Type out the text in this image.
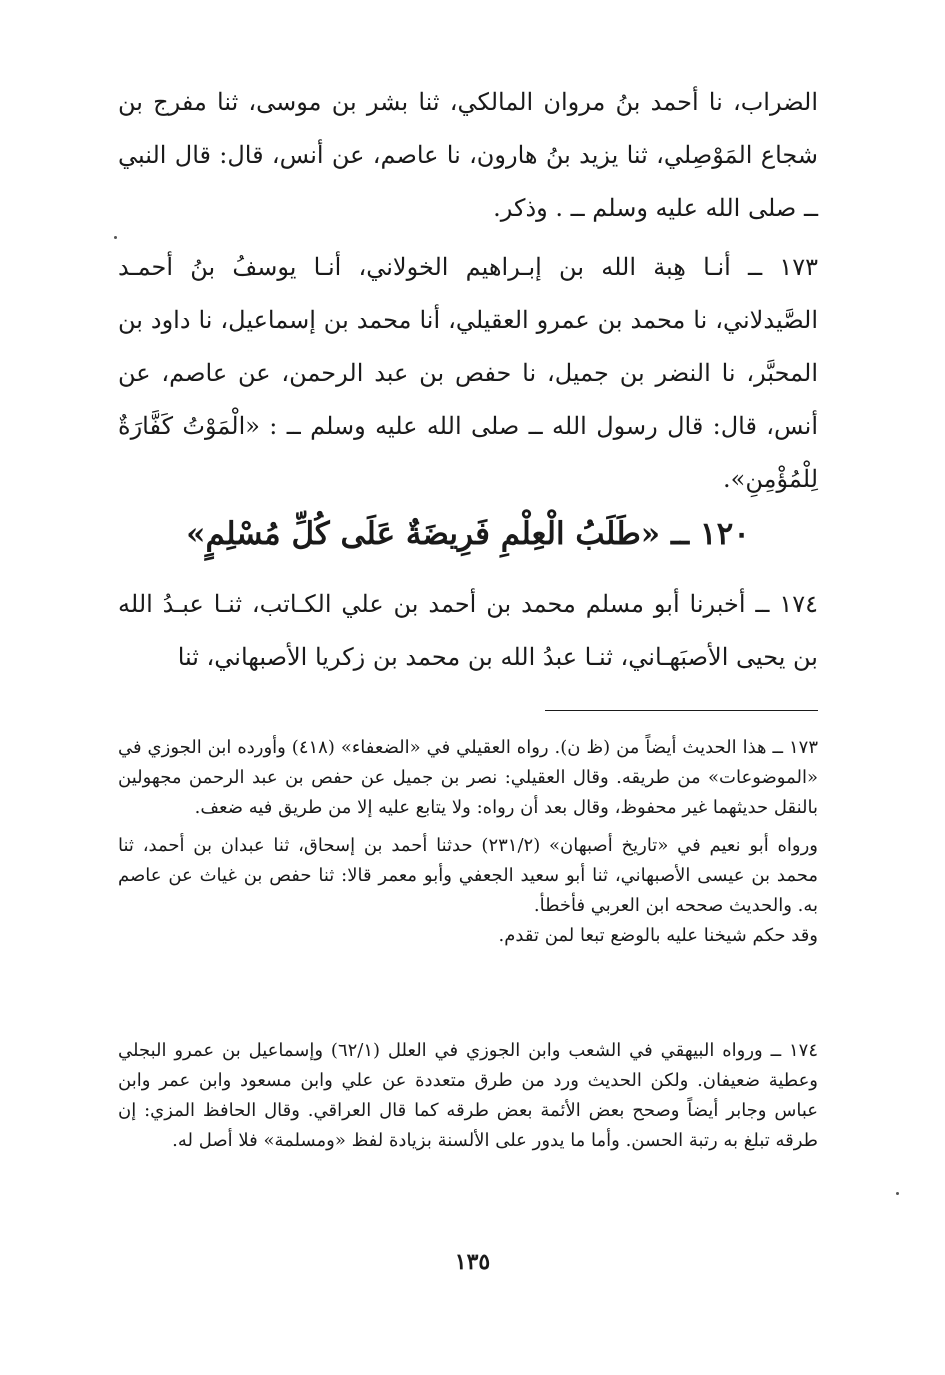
الضراب، نا أحمد بنُ مروان المالكي، ثنا بشر بن موسى، ثنا مفرج بن شجاع المَوْصِلي، ثنا يزيد بنُ هارون، نا عاصم، عن أنس، قال: قال النبي ــ صلى الله عليه وسلم ــ . وذكر.

١٧٣ ــ أنـا هِبة الله بن إبـراهيم الخولاني، أنـا يوسفُ بنُ أحمـد الصَّيدلاني، نا محمد بن عمرو العقيلي، أنا محمد بن إسماعيل، نا داود بن المحبَّر، نا النضر بن جميل، نا حفص بن عبد الرحمن، عن عاصم، عن أنس، قال: قال رسول الله ــ صلى الله عليه وسلم ــ : «الْمَوْتُ كَفَّارَةٌ لِلْمُؤْمِنِ».

١٢٠ ــ «طَلَبُ الْعِلْمِ فَرِيضَةٌ عَلَى كُلِّ مُسْلِمٍ»

١٧٤ ــ أخبرنا أبو مسلم محمد بن أحمد بن علي الكـاتب، ثنـا عبـدُ الله بن يحيى الأصبَهـاني، ثنـا عبدُ الله بن محمد بن زكريا الأصبهاني، ثنا

١٧٣ ــ هذا الحديث أيضاً من (ظ ن). رواه العقيلي في «الضعفاء» (٤١٨) وأورده ابن الجوزي في «الموضوعات» من طريقه. وقال العقيلي: نصر بن جميل عن حفص بن عبد الرحمن مجهولين بالنقل حديثهما غير محفوظ، وقال بعد أن رواه: ولا يتابع عليه إلا من طريق فيه ضعف.

ورواه أبو نعيم في «تاريخ أصبهان» (٢٣١/٢) حدثنا أحمد بن إسحاق، ثنا عبدان بن أحمد، ثنا محمد بن عيسى الأصبهاني، ثنا أبو سعيد الجعفي وأبو معمر قالا: ثنا حفص بن غياث عن عاصم به. والحديث صححه ابن العربي فأخطأ.

وقد حكم شيخنا عليه بالوضع تبعا لمن تقدم.

١٧٤ ــ ورواه البيهقي في الشعب وابن الجوزي في العلل (٦٢/١) وإسماعيل بن عمرو البجلي وعطية ضعيفان. ولكن الحديث ورد من طرق متعددة عن علي وابن مسعود وابن عمر وابن عباس وجابر أيضاً وصحح بعض الأئمة بعض طرقه كما قال العراقي. وقال الحافظ المزي: إن طرقه تبلغ به رتبة الحسن. وأما ما يدور على الألسنة بزيادة لفظ «ومسلمة» فلا أصل له.

١٣٥
